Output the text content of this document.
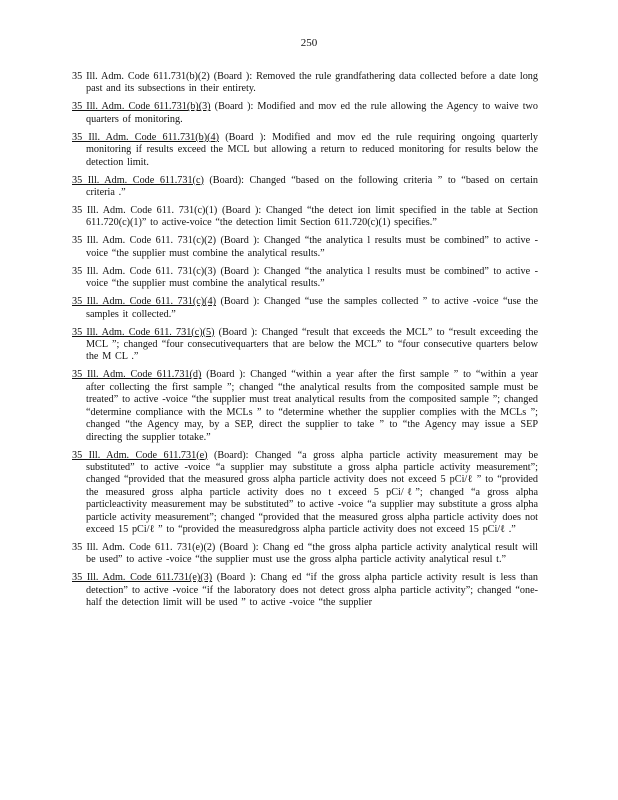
250

35 Ill. Adm. Code 611.731(b)(2) (Board ): Removed the rule grandfathering data collected before a date long past and its subsections in their entirety.

35 Ill. Adm. Code 611.731(b)(3) (Board ): Modified and mov ed the rule allowing the Agency to waive two quarters of monitoring.

35 Ill. Adm. Code 611.731(b)(4) (Board ): Modified and mov ed the rule requiring ongoing quarterly monitoring if results exceed the MCL but allowing a return to reduced monitoring for results below the detection limit.

35 Ill. Adm. Code 611.731(c) (Board): Changed “based on the following criteria ” to “based on certain criteria .”

35 Ill. Adm. Code 611. 731(c)(1) (Board ): Changed “the detect ion limit specified in the table at Section 611.720(c)(1)” to active-voice “the detection limit Section 611.720(c)(1) specifies.”

35 Ill. Adm. Code 611. 731(c)(2) (Board ): Changed “the analytica l results must be combined” to active -voice “the supplier must combine the analytical results.”

35 Ill. Adm. Code 611. 731(c)(3) (Board ): Changed “the analytica l results must be combined” to active -voice “the supplier must combine the analytical results.”

35 Ill. Adm. Code 611. 731(c)(4) (Board ): Changed “use the samples collected ” to active -voice “use the samples it collected.”

35 Ill. Adm. Code 611. 731(c)(5) (Board ): Changed “result that exceeds the MCL” to “result exceeding the MCL ”; changed “four consecutivequarters that are below the MCL” to “four consecutive quarters below the M CL .”

35 Ill. Adm. Code 611.731(d) (Board ): Changed “within a year after the first sample ” to “within a year after collecting the first sample ”; changed “the analytical results from the composited sample must be treated” to active -voice “the supplier must treat analytical results from the composited sample ”; changed “determine compliance with the MCLs ” to “determine whether the supplier complies with the MCLs ”; changed “the Agency may, by a SEP, direct the supplier to take ” to “the Agency may issue a SEP directing the supplier totake.”

35 Ill. Adm. Code 611.731(e) (Board): Changed “a gross alpha particle activity measurement may be substituted” to active -voice “a supplier may substitute a gross alpha particle activity measurement”; changed “provided that the measured gross alpha particle activity does not exceed 5 pCi/ℓ ” to “provided the measured gross alpha particle activity does no t exceed 5 pCi/ℓ”; changed “a gross alpha particleactivity measurement may be substituted” to active -voice “a supplier may substitute a gross alpha particle activity measurement”; changed “provided that the measured gross alpha particle activity does not exceed 15 pCi/ℓ ” to “provided the measuredgross alpha particle activity does not exceed 15 pCi/ℓ .”

35 Ill. Adm. Code 611. 731(e)(2) (Board ): Chang ed “the gross alpha particle activity analytical result will be used” to active -voice “the supplier must use the gross alpha particle activity analytical resul t.”

35 Ill. Adm. Code 611.731(e)(3) (Board ): Chang ed “if the gross alpha particle activity result is less than detection” to active -voice “if the laboratory does not detect gross alpha particle activity”; changed “one- half the detection limit will be used ” to active -voice “the supplier
